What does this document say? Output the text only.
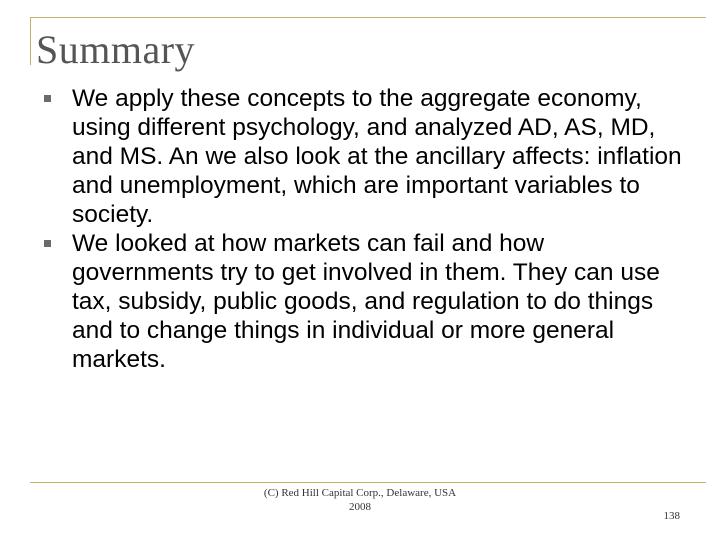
Summary
We apply these concepts to the aggregate economy, using different psychology, and analyzed AD, AS, MD, and MS. An we also look at the ancillary affects: inflation and unemployment, which are important variables to society.
We looked at how markets can fail and how governments try to get involved in them. They can use tax, subsidy, public goods, and regulation to do things and to change things in individual or more general markets.
(C) Red Hill Capital Corp., Delaware, USA
2008
138
